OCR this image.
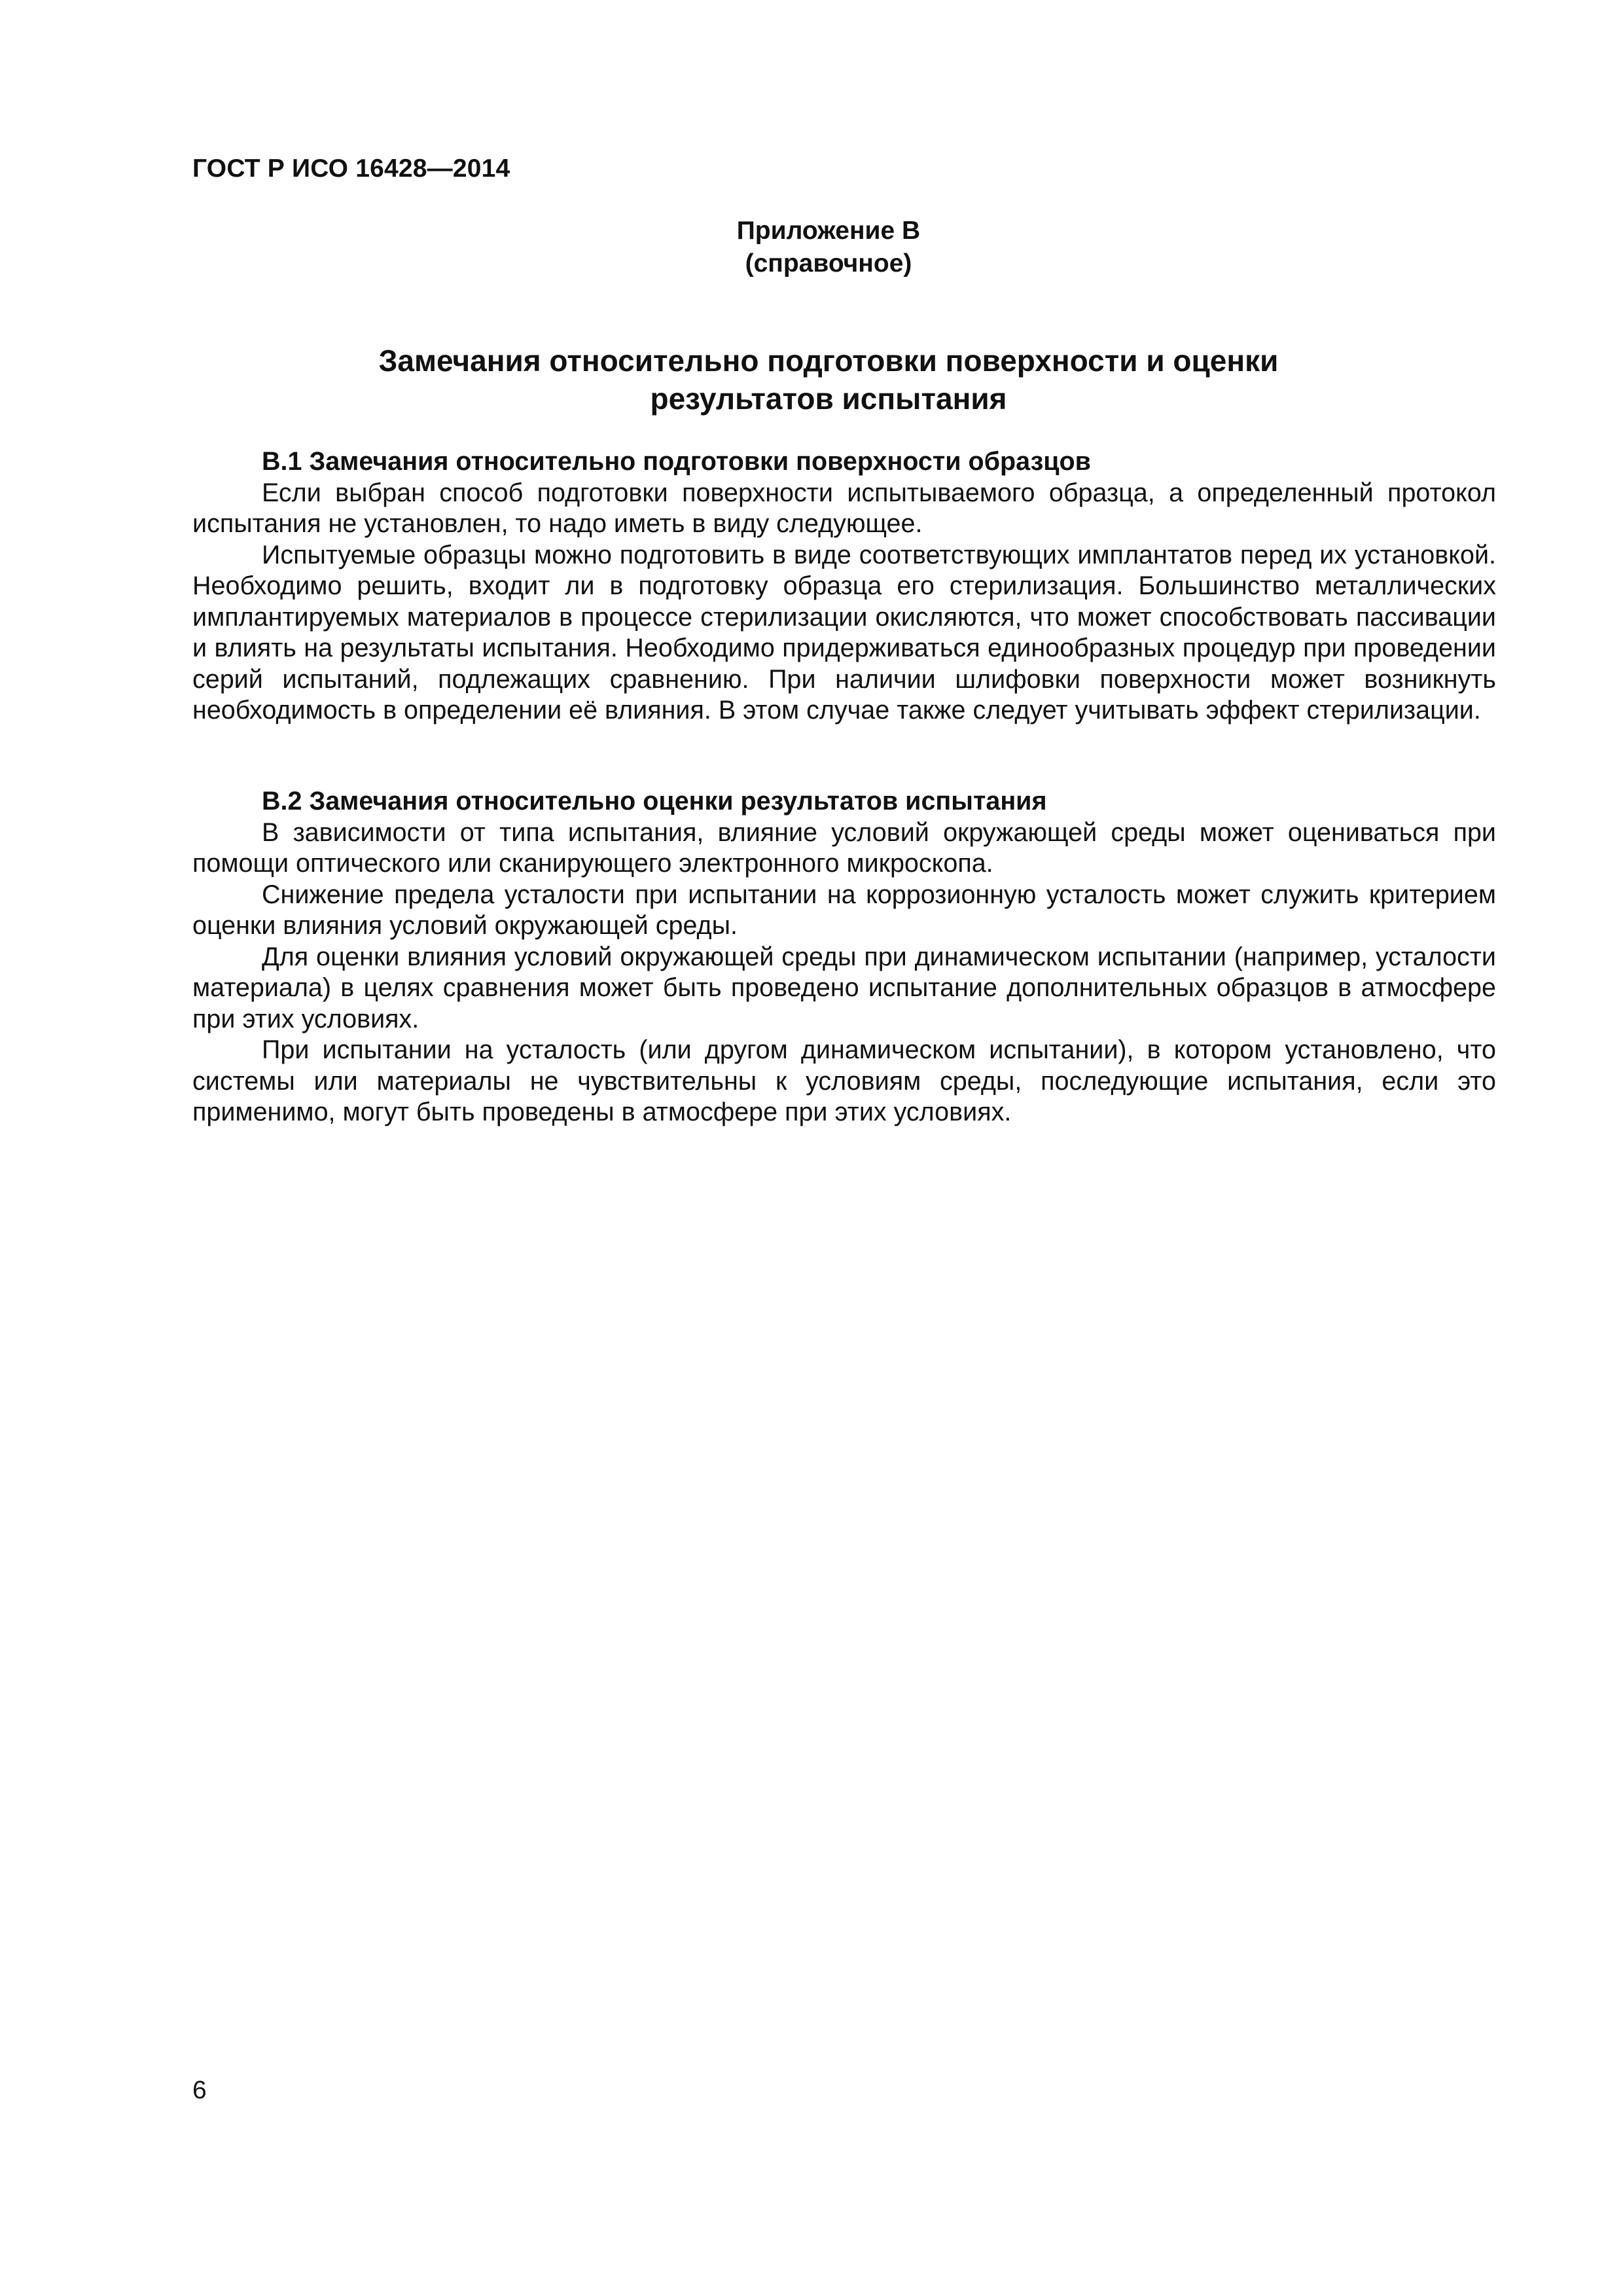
ГОСТ Р ИСО 16428—2014
Приложение В
(справочное)
Замечания относительно подготовки поверхности и оценки
результатов испытания

В.1 Замечания относительно подготовки поверхности образцов

Если выбран способ подготовки поверхности испытываемого образца, а определенный протокол испытания не установлен, то надо иметь в виду следующее.

Испытуемые образцы можно подготовить в виде соответствующих имплантатов перед их установкой. Необходимо решить, входит ли в подготовку образца его стерилизация. Большинство металлических имплантируемых материалов в процессе стерилизации окисляются, что может способствовать пассивации и влиять на результаты испытания. Необходимо придерживаться единообразных процедур при проведении серий испытаний, подлежащих сравнению. При наличии шлифовки поверхности может возникнуть необходимость в определении её влияния. В этом случае также следует учитывать эффект стерилизации.

В.2 Замечания относительно оценки результатов испытания

В зависимости от типа испытания, влияние условий окружающей среды может оцениваться при помощи оптического или сканирующего электронного микроскопа.

Снижение предела усталости при испытании на коррозионную усталость может служить критерием оценки влияния условий окружающей среды.

Для оценки влияния условий окружающей среды при динамическом испытании (например, усталости материала) в целях сравнения может быть проведено испытание дополнительных образцов в атмосфере при этих условиях.

При испытании на усталость (или другом динамическом испытании), в котором установлено, что системы или материалы не чувствительны к условиям среды, последующие испытания, если это применимо, могут быть проведены в атмосфере при этих условиях.

6
